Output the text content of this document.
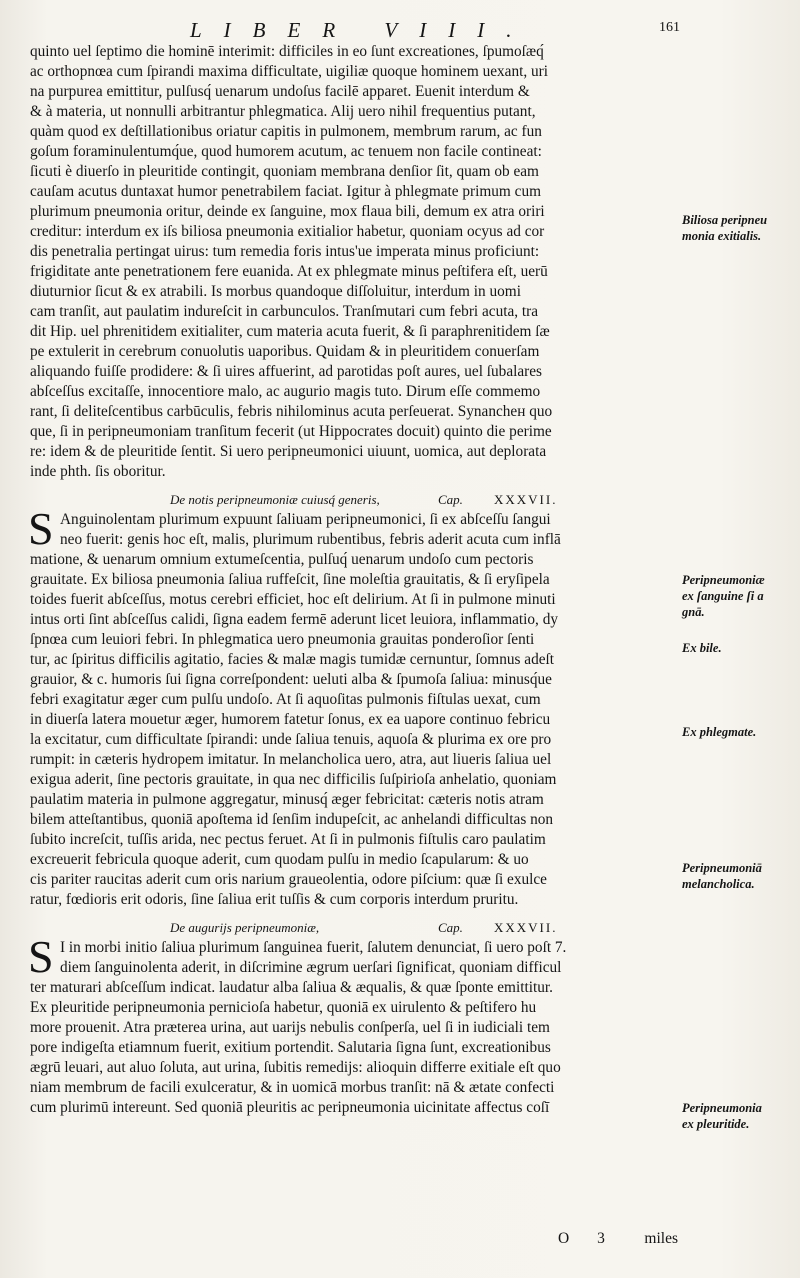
LIBER VIII.	161
quinto uel ſeptimo die hominē interimit: difficiles in eo ſunt excreationes, ſpumoſæq́
ac orthopnœa cum ſpirandi maxima difficultate, uigiliæ quoque hominem uexant, uri
na purpurea emittitur, pulſusq́ uenarum undoſus facilē apparet. Euenit interdum &
& à materia, ut nonnulli arbitrantur phlegmatica. Alij uero nihil frequentius putant,
quàm quod ex deſtillationibus oriatur capitis in pulmonem, membrum rarum, ac fun
goſum foraminulentumq́ue, quod humorem acutum, ac tenuem non facile contineat:
ſicuti è diuerſo in pleuritide contingit, quoniam membrana denſior ſit, quam ob eam
cauſam acutus duntaxat humor penetrabilem faciat. Igitur à phlegmate primum cum
plurimum pneumonia oritur, deinde ex ſanguine, mox flaua bili, demum ex atra oriri
creditur: interdum ex iſs biliosa pneumonia exitialior habetur, quoniam ocyus ad cor
dis penetralia pertingat uirus: tum remedia foris intus'ue imperata minus proficiunt:
frigiditate ante penetrationem fere euanida. At ex phlegmate minus peſtifera eſt, uerū
diuturnior ſicut & ex atrabili. Is morbus quandoque diſſoluitur, interdum in uomi
cam tranſit, aut paulatim indureſcit in carbunculos. Tranſmutari cum febri acuta, tra
dit Hip. uel phrenitidem exitialiter, cum materia acuta fuerit, & ſi paraphrenitidem ſæ
pe extulerit in cerebrum conuolutis uaporibus. Quidam & in pleuritidem conuerſam
aliquando fuiſſe prodidere: & ſi uires affuerint, ad parotidas poſt aures, uel ſubalares
abſceſſus excitaſſe, innocentiore malo, ac augurio magis tuto. Dirum eſſe commemo
rant, ſi deliteſcentibus carbūculis, febris nihilominus acuta perſeuerat. Synancheн quo
que, ſi in peripneumoniam tranſitum fecerit (ut Hippocrates docuit) quinto die perime
re: idem & de pleuritide ſentit. Si uero peripneumonici uiuunt, uomica, aut deplorata
inde phth. ſis oboritur.
De notis peripneumoniæ cuiusq́ generis,	Cap. XXXVII.
S Anguinolentam plurimum expuunt ſaliuam peripneumonici, ſi ex abſceſſu ſangui
neo fuerit: genis hoc eſt, malis, plurimum rubentibus, febris aderit acuta cum inflā
matione, & uenarum omnium extumeſcentia, pulſuq́ uenarum undoſo cum pectoris
grauitate. Ex biliosa pneumonia ſaliua ruffeſcit, ſine moleſtia grauitatis, & ſi eryſipela
toides fuerit abſceſſus, motus cerebri efficiet, hoc eſt delirium. At ſi in pulmone minuti
intus orti ſint abſceſſus calidi, ſigna eadem fermē aderunt licet leuiora, inflammatio, dy
ſpnœa cum leuiori febri. In phlegmatica uero pneumonia grauitas ponderoſior ſenti
tur, ac ſpiritus difficilis agitatio, facies & malæ magis tumidæ cernuntur, ſomnus adeſt
grauior, & c. humoris ſui ſigna correſpondent: ueluti alba & ſpumoſa ſaliua: minusq́ue
febri exagitatur æger cum pulſu undoſo. At ſi aquoſitas pulmonis fiſtulas uexat, cum
in diuerſa latera mouetur æger, humorem fatetur ſonus, ex ea uapore continuo febricu
la excitatur, cum difficultate ſpirandi: unde ſaliua tenuis, aquoſa & plurima ex ore pro
rumpit: in cæteris hydropem imitatur. In melancholica uero, atra, aut liueris ſaliua uel
exigua aderit, ſine pectoris grauitate, in qua nec difficilis ſuſpirioſa anhelatio, quoniam
paulatim materia in pulmone aggregatur, minusq́ æger febricitat: cæteris notis atram
bilem atteſtantibus, quoniā apoſtema id ſenſim induреſcit, ac anhelandi difficultas non
ſubito increſcit, tuſſis arida, nec pectus feruet. At ſi in pulmonis fiſtulis caro paulatim
excreuerit febricula quoque aderit, cum quodam pulſu in medio ſcapularum: & uo
cis pariter raucitas aderit cum oris narium graueolentia, odore piſcium: quæ ſi exulce
ratur, fœdioris erit odoris, ſine ſaliua erit tuſſis & cum corporis interdum pruritu.
De augurijs peripneumoniæ,	Cap. XXXVII.
S I in morbi initio ſaliua plurimum ſanguinea fuerit, ſalutem denunciat, ſi uero poſt 7.
diem ſanguinolenta aderit, in diſcrimine ægrum uerſari ſignificat, quoniam difficul
ter maturari abſceſſum indicat. laudatur alba ſaliua & æqualis, & quæ ſponte emittitur.
Ex pleuritide peripneumonia pernicioſa habetur, quoniā ex uirulento & peſtifero hu
more prouenit. Atra præterea urina, aut uarijs nebulis conſperſa, uel ſi in iudiciali tem
pore indigeſta etiamnum fuerit, exitium portendit. Salutaria ſigna ſunt, excreationibus
ægrū leuari, aut aluo ſoluta, aut urina, ſubitis remedijs: alioquin differre exitiale eſt quo
niam membrum de facili exulceratur, & in uomicā morbus tranſit: nā & ætate confecti
cum plurimū intereunt. Sed quoniā pleuritis ac peripneumonia uicinitate affectus coſī
Biliosa peripneu
monia exitialis.
Peripneumoniæ
ex ſanguine ſi a
gnā.
Ex bile.
Ex phlegmate.
Peripneumoniā
melancholica.
Peripneumonia
ex pleuritide.
O 3 miles
